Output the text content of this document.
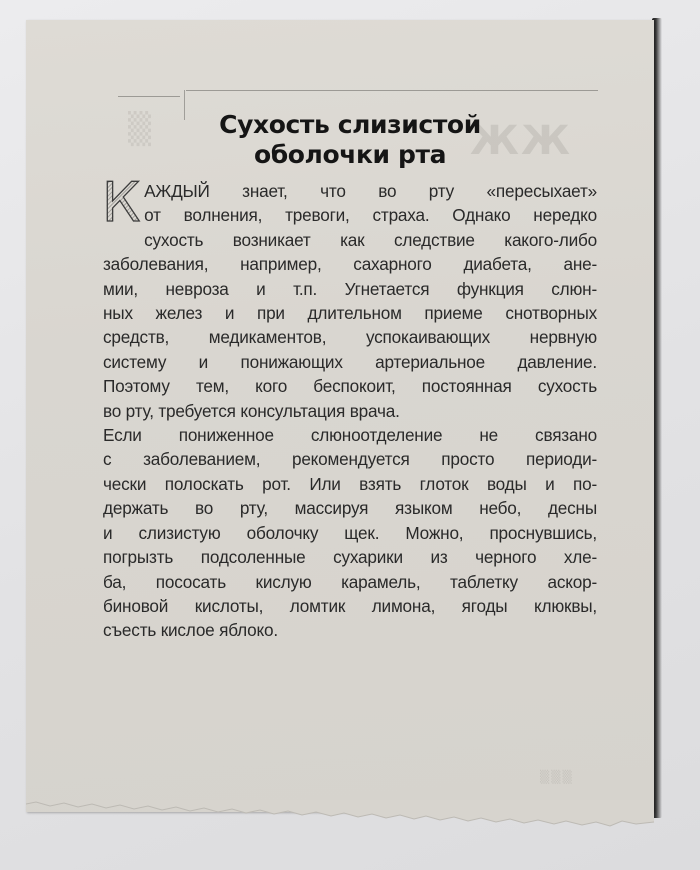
ЖЖ
▒
▒▒▒
Сухость слизистой
оболочки рта
К АЖДЫЙ знает, что во рту «пересыхает»
от волнения, тревоги, страха. Однако нередко
сухость возникает как следствие какого-либо
заболевания, например, сахарного диабета, ане-
мии, невроза и т.п. Угнетается функция слюн-
ных желез и при длительном приеме снотворных
средств, медикаментов, успокаивающих нервную
систему и понижающих артериальное давление.
Поэтому тем, кого беспокоит, постоянная сухость
во рту, требуется консультация врача.
Если пониженное слюноотделение не связано
с заболеванием, рекомендуется просто периоди-
чески полоскать рот. Или взять глоток воды и по-
держать во рту, массируя языком небо, десны
и слизистую оболочку щек. Можно, проснувшись,
погрызть подсоленные сухарики из черного хле-
ба, пососать кислую карамель, таблетку аскор-
биновой кислоты, ломтик лимона, ягоды клюквы,
съесть кислое яблоко.
